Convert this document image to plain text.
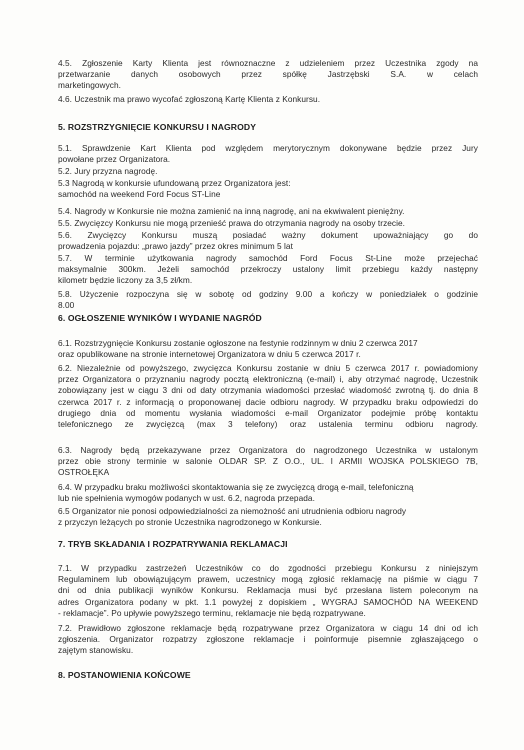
4.5. Zgłoszenie Karty Klienta jest równoznaczne z udzieleniem przez Uczestnika zgody na
przetwarzanie danych osobowych przez spółkę Jastrzębski S.A. w celach
marketingowych.
4.6. Uczestnik ma prawo wycofać zgłoszoną Kartę Klienta z Konkursu.
5. ROZSTRZYGNIĘCIE KONKURSU I NAGRODY
5.1. Sprawdzenie Kart Klienta pod względem merytorycznym dokonywane będzie przez Jury
powołane przez Organizatora.
5.2. Jury przyzna nagrodę.
5.3 Nagrodą w konkursie ufundowaną przez Organizatora jest:
samochód na weekend Ford Focus ST-Line
5.4. Nagrody w Konkursie nie można zamienić na inną nagrodę, ani na ekwiwalent pieniężny.
5.5. Zwycięzcy Konkursu nie mogą przenieść prawa do otrzymania nagrody na osoby trzecie.
5.6. Zwycięzcy Konkursu muszą posiadać ważny dokument upoważniający go do
prowadzenia pojazdu: „prawo jazdy” przez okres minimum 5 lat
5.7. W terminie użytkowania nagrody samochód Ford Focus St-Line może przejechać
maksymalnie 300km. Jeżeli samochód przekroczy ustalony limit przebiegu każdy następny
kilometr będzie liczony za 3,5 zł/km.
5.8. Użyczenie rozpoczyna się w sobotę od godziny 9.00 a kończy w poniedziałek o godzinie
8.00
6. OGŁOSZENIE WYNIKÓW I WYDANIE NAGRÓD
6.1. Rozstrzygnięcie Konkursu zostanie ogłoszone na festynie rodzinnym w dniu 2 czerwca 2017
oraz opublikowane na stronie internetowej Organizatora w dniu 5 czerwca 2017 r.
6.2. Niezależnie od powyższego, zwycięzca Konkursu zostanie w dniu 5 czerwca 2017 r. powiadomiony
przez Organizatora o przyznaniu nagrody pocztą elektroniczną (e-mail) i, aby otrzymać nagrodę, Uczestnik
zobowiązany jest w ciągu 3 dni od daty otrzymania wiadomości przesłać wiadomość zwrotną tj. do dnia 8
czerwca 2017 r. z informacją o proponowanej dacie odbioru nagrody. W przypadku braku odpowiedzi do
drugiego dnia od momentu wysłania wiadomości e-mail Organizator podejmie próbę kontaktu
telefonicznego ze zwycięzcą (max 3 telefony) oraz ustalenia terminu odbioru nagrody.
6.3. Nagrody będą przekazywane przez Organizatora do nagrodzonego Uczestnika w ustalonym
przez obie strony terminie w salonie OLDAR SP. Z O.O., UL. I ARMII WOJSKA POLSKIEGO 7B,
OSTROŁĘKA
6.4. W przypadku braku możliwości skontaktowania się ze zwycięzcą drogą e-mail, telefoniczną
lub nie spełnienia wymogów podanych w ust. 6.2, nagroda przepada.
6.5 Organizator nie ponosi odpowiedzialności za niemożność ani utrudnienia odbioru nagrody
z przyczyn leżących po stronie Uczestnika nagrodzonego w Konkursie.
7. TRYB SKŁADANIA I ROZPATRYWANIA REKLAMACJI
7.1. W przypadku zastrzeżeń Uczestników co do zgodności przebiegu Konkursu z niniejszym
Regulaminem lub obowiązującym prawem, uczestnicy mogą zgłosić reklamację na piśmie w ciągu 7
dni od dnia publikacji wyników Konkursu. Reklamacja musi być przesłana listem poleconym na
adres Organizatora podany w pkt. 1.1 powyżej z dopiskiem „ WYGRAJ SAMOCHÓD NA WEEKEND
- reklamacje”. Po upływie powyższego terminu, reklamacje nie będą rozpatrywane.
7.2. Prawidłowo zgłoszone reklamacje będą rozpatrywane przez Organizatora w ciągu 14 dni od ich
zgłoszenia. Organizator rozpatrzy zgłoszone reklamacje i poinformuje pisemnie zgłaszającego o
zajętym stanowisku.
8. POSTANOWIENIA KOŃCOWE
